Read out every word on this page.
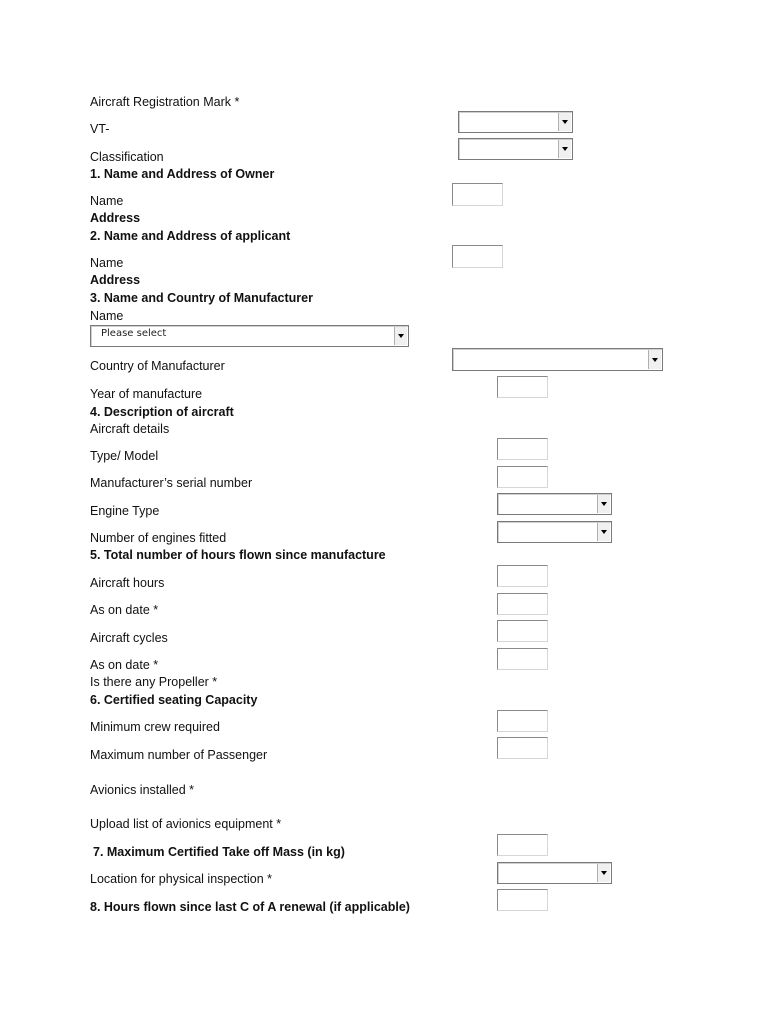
Aircraft Registration Mark *
VT-
Classification
1. Name and Address of Owner
Name
Address
2. Name and Address of applicant
Name
Address
3. Name and Country of Manufacturer
Name
Country of Manufacturer
Year of manufacture
4. Description of aircraft
Aircraft details
Type/ Model
Manufacturer’s serial number
Engine Type
Number of engines fitted
5. Total number of hours flown since manufacture
Aircraft hours
As on date *
Aircraft cycles
As on date *
Is there any Propeller *
6. Certified seating Capacity
Minimum crew required
Maximum number of Passenger
Avionics installed *
Upload list of avionics equipment *
7. Maximum Certified Take off Mass (in kg)
Location for physical inspection *
8. Hours flown since last C of A renewal (if applicable)
Please select
